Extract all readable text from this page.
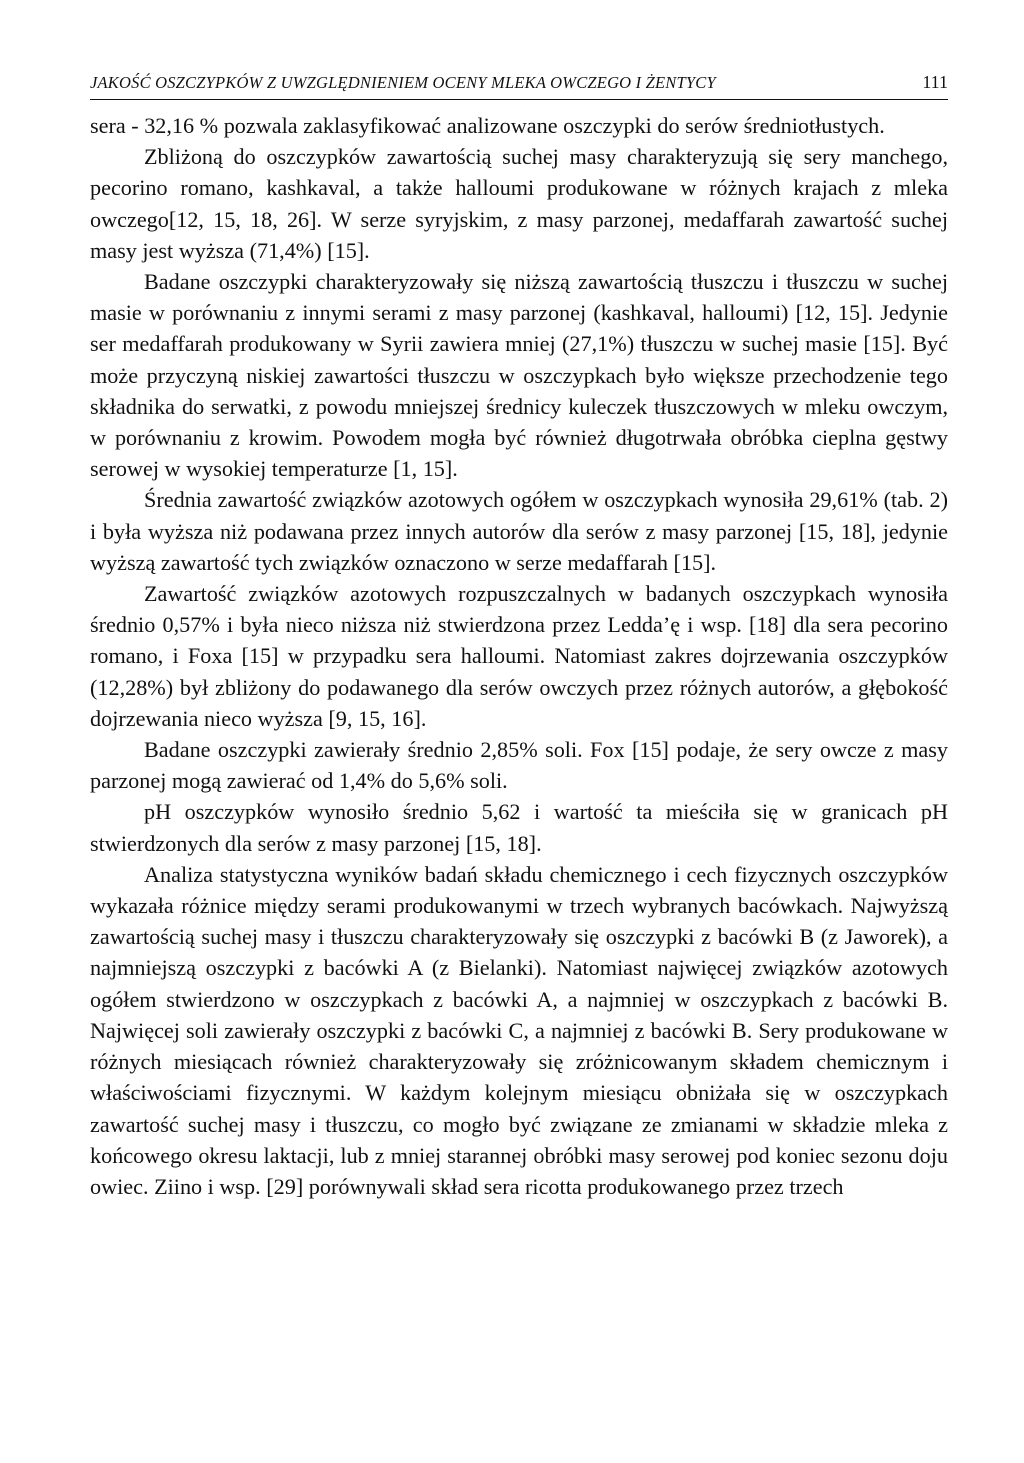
JAKOŚĆ OSZCZYPKÓW Z UWZGLĘDNIENIEM OCENY MLEKA OWCZEGO I ŻENTYCY	111

sera - 32,16 % pozwala zaklasyfikować analizowane oszczypki do serów średniotłustych.

Zbliżoną do oszczypków zawartością suchej masy charakteryzują się sery manchego, pecorino romano, kashkaval, a także halloumi produkowane w różnych krajach z mleka owczego[12, 15, 18, 26]. W serze syryjskim, z masy parzonej, medaffarah zawartość suchej masy jest wyższa (71,4%) [15].

Badane oszczypki charakteryzowały się niższą zawartością tłuszczu i tłuszczu w suchej masie w porównaniu z innymi serami z masy parzonej (kashkaval, halloumi) [12, 15]. Jedynie ser medaffarah produkowany w Syrii zawiera mniej (27,1%) tłuszczu w suchej masie [15]. Być może przyczyną niskiej zawartości tłuszczu w oszczypkach było większe przechodzenie tego składnika do serwatki, z powodu mniejszej średnicy kuleczek tłuszczowych w mleku owczym, w porównaniu z krowim. Powodem mogła być również długotrwała obróbka cieplna gęstwy serowej w wysokiej temperaturze [1, 15].

Średnia zawartość związków azotowych ogółem w oszczypkach wynosiła 29,61% (tab. 2) i była wyższa niż podawana przez innych autorów dla serów z masy parzonej [15, 18], jedynie wyższą zawartość tych związków oznaczono w serze medaffarah [15].

Zawartość związków azotowych rozpuszczalnych w badanych oszczypkach wynosiła średnio 0,57% i była nieco niższa niż stwierdzona przez Ledda’ę i wsp. [18] dla sera pecorino romano, i Foxa [15] w przypadku sera halloumi. Natomiast zakres dojrzewania oszczypków (12,28%) był zbliżony do podawanego dla serów owczych przez różnych autorów, a głębokość dojrzewania nieco wyższa [9, 15, 16].

Badane oszczypki zawierały średnio 2,85% soli. Fox [15] podaje, że sery owcze z masy parzonej mogą zawierać od 1,4% do 5,6% soli.

pH oszczypków wynosiło średnio 5,62 i wartość ta mieściła się w granicach pH stwierdzonych dla serów z masy parzonej [15, 18].

Analiza statystyczna wyników badań składu chemicznego i cech fizycznych oszczypków wykazała różnice między serami produkowanymi w trzech wybranych bacówkach. Najwyższą zawartością suchej masy i tłuszczu charakteryzowały się oszczypki z bacówki B (z Jaworek), a najmniejszą oszczypki z bacówki A (z Bielanki). Natomiast najwięcej związków azotowych ogółem stwierdzono w oszczypkach z bacówki A, a najmniej w oszczypkach z bacówki B. Najwięcej soli zawierały oszczypki z bacówki C, a najmniej z bacówki B. Sery produkowane w różnych miesiącach również charakteryzowały się zróżnicowanym składem chemicznym i właściwościami fizycznymi. W każdym kolejnym miesiącu obniżała się w oszczypkach zawartość suchej masy i tłuszczu, co mogło być związane ze zmianami w składzie mleka z końcowego okresu laktacji, lub z mniej starannej obróbki masy serowej pod koniec sezonu doju owiec. Ziino i wsp. [29] porównywali skład sera ricotta produkowanego przez trzech
